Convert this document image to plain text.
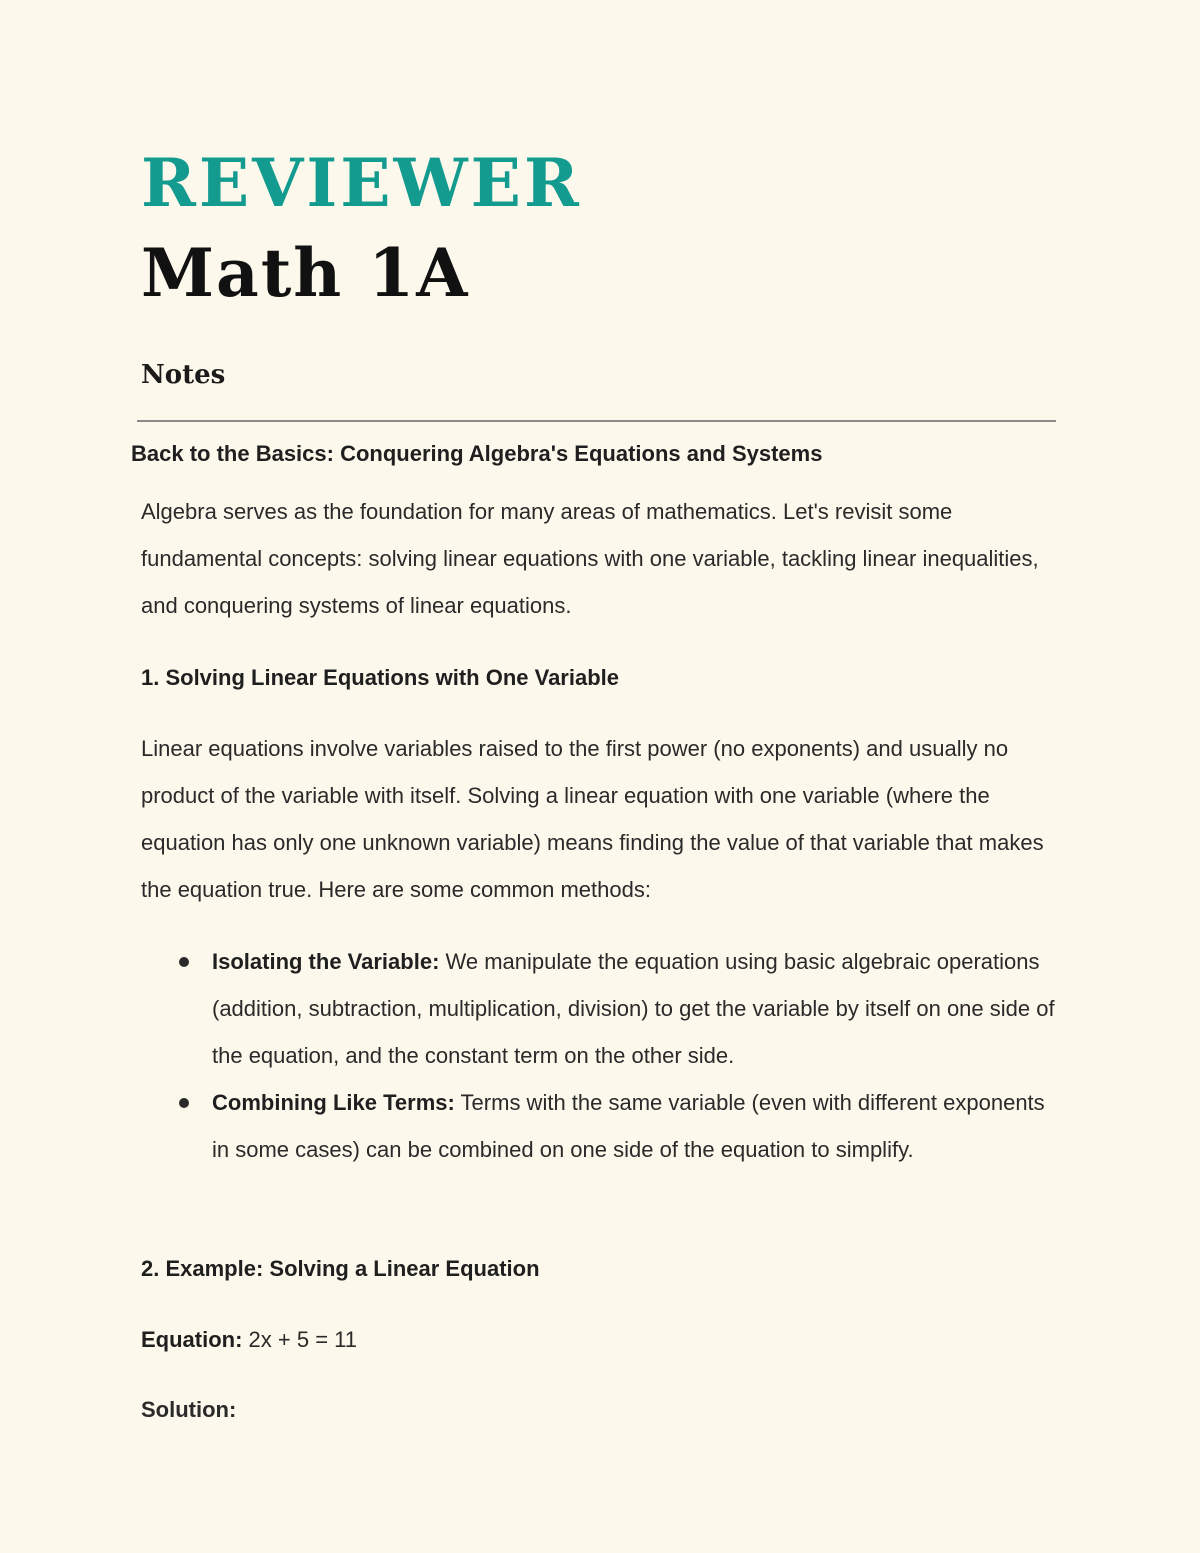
REVIEWER
Math 1A
Notes
Back to the Basics: Conquering Algebra's Equations and Systems

Algebra serves as the foundation for many areas of mathematics. Let's revisit some fundamental concepts: solving linear equations with one variable, tackling linear inequalities, and conquering systems of linear equations.

1. Solving Linear Equations with One Variable

Linear equations involve variables raised to the first power (no exponents) and usually no product of the variable with itself. Solving a linear equation with one variable (where the equation has only one unknown variable) means finding the value of that variable that makes the equation true. Here are some common methods:

Isolating the Variable: We manipulate the equation using basic algebraic operations (addition, subtraction, multiplication, division) to get the variable by itself on one side of the equation, and the constant term on the other side.
Combining Like Terms: Terms with the same variable (even with different exponents in some cases) can be combined on one side of the equation to simplify.
2. Example: Solving a Linear Equation
Equation: 2x + 5 = 11
Solution:
